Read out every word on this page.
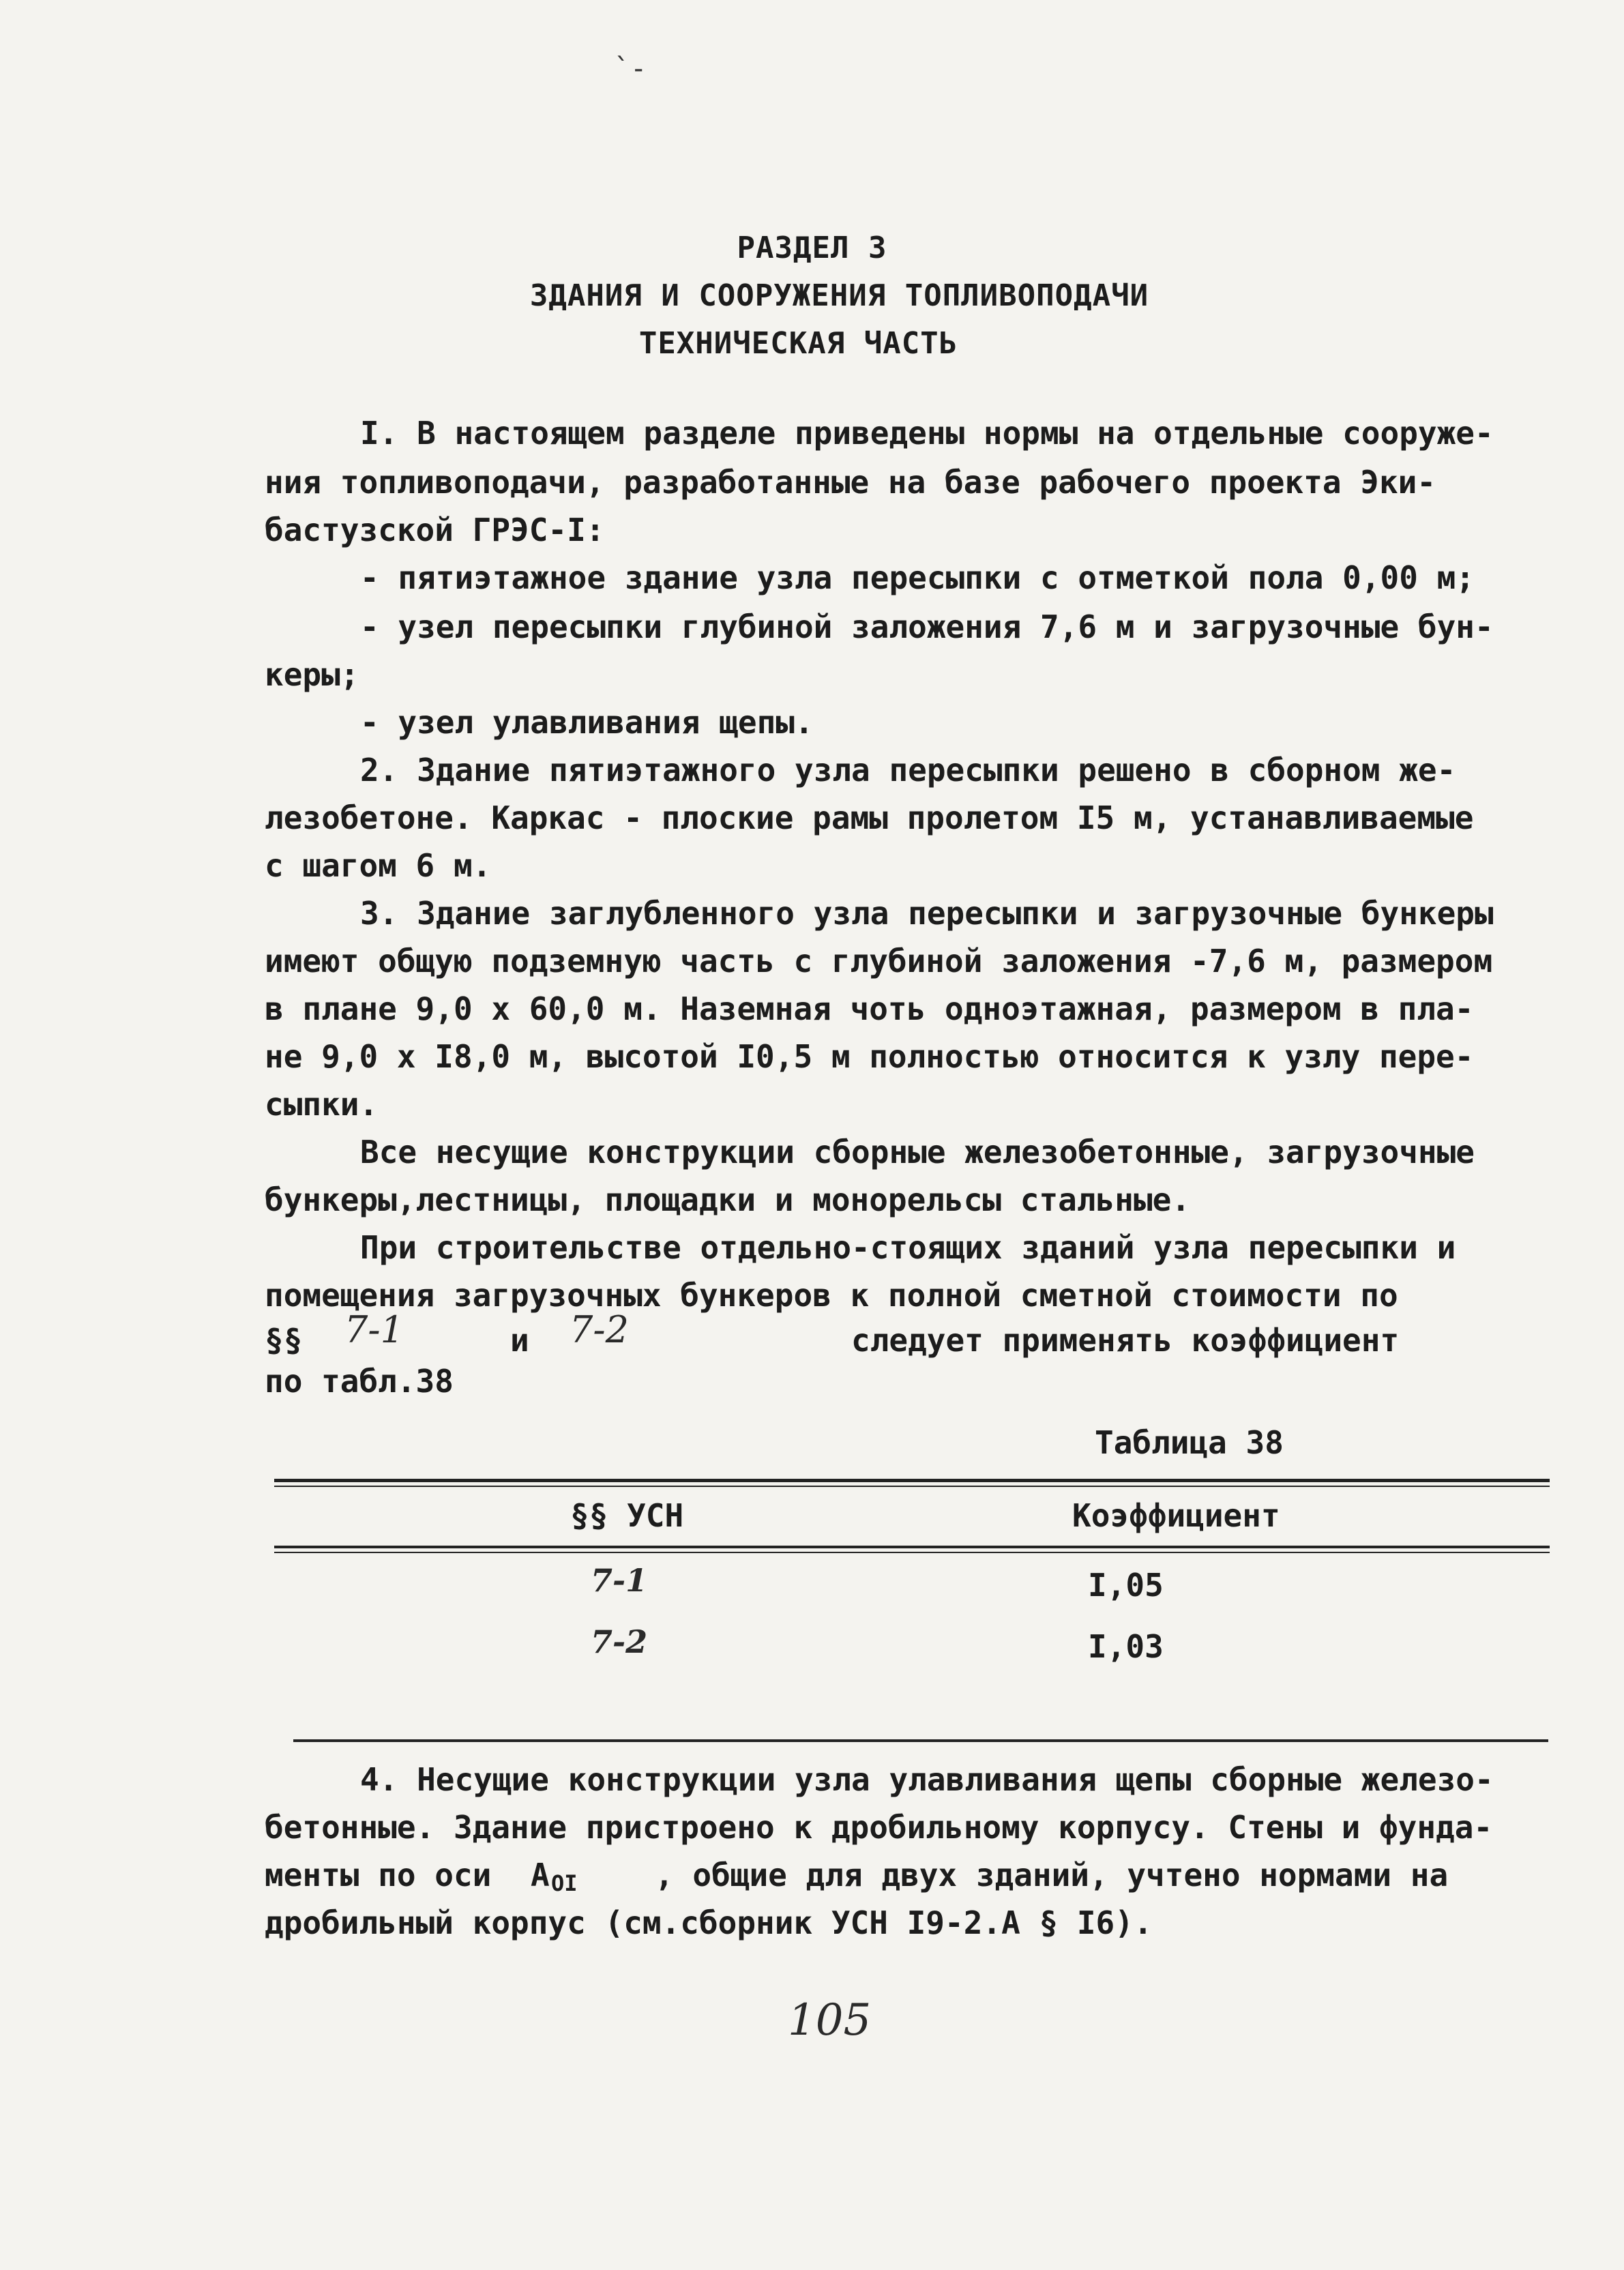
`-
РАЗДЕЛ 3
ЗДАНИЯ И СООРУЖЕНИЯ ТОПЛИВОПОДАЧИ
ТЕХНИЧЕСКАЯ ЧАСТЬ
I. В настоящем разделе приведены нормы на отдельные сооруже-
ния топливоподачи, разработанные на базе рабочего проекта Эки-
бастузской ГРЭС-I:
- пятиэтажное здание узла пересыпки с отметкой пола 0,00 м;
- узел пересыпки глубиной заложения 7,6 м и загрузочные бун-
керы;
- узел улавливания щепы.
2. Здание пятиэтажного узла пересыпки решено в сборном же-
лезобетоне. Каркас - плоские рамы пролетом I5 м, устанавливаемые
с шагом 6 м.
3. Здание заглубленного узла пересыпки и загрузочные бункеры
имеют общую подземную часть с глубиной заложения -7,6 м, размером
в плане 9,0 х 60,0 м. Наземная чоть одноэтажная, размером в пла-
не 9,0 х I8,0 м, высотой I0,5 м полностью относится к узлу пере-
сыпки.
Все несущие конструкции сборные железобетонные, загрузочные
бункеры,лестницы, площадки и монорельсы стальные.
При строительстве отдельно-стоящих зданий узла пересыпки и
помещения загрузочных бункеров к полной сметной стоимости по
§§ 7-1	и 7-2	следует применять коэффициент
по табл.38
Таблица 38
§§ УСН	Коэффициент
7-1	I,05
7-2	I,03
4. Несущие конструкции узла улавливания щепы сборные железо-
бетонные. Здание пристроено к дробильному корпусу. Стены и фунда-
менты по оси А ОI , общие для двух зданий, учтено нормами на
дробильный корпус (см.сборник УСН I9-2.А § I6).
105
